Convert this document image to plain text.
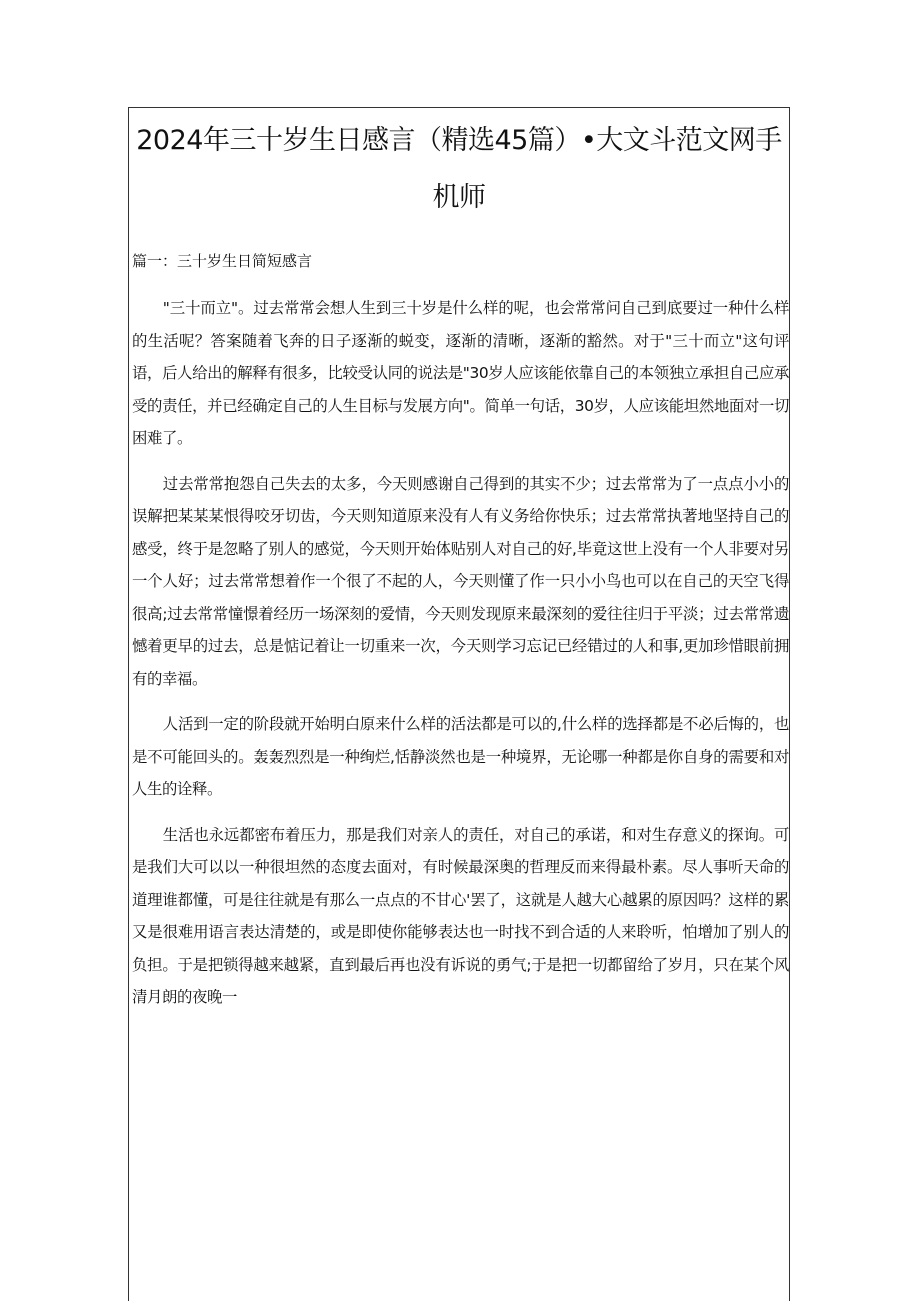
2024年三十岁生日感言（精选45篇）•大文斗范文网手机师
篇一：三十岁生日简短感言

"三十而立"。过去常常会想人生到三十岁是什么样的呢，也会常常问自己到底要过一种什么样的生活呢？答案随着飞奔的日子逐渐的蜕变，逐渐的清晰，逐渐的豁然。对于"三十而立"这句评语，后人给出的解释有很多，比较受认同的说法是"30岁人应该能依靠自己的本领独立承担自己应承受的责任，并已经确定自己的人生目标与发展方向"。简单一句话，30岁，人应该能坦然地面对一切困难了。

过去常常抱怨自己失去的太多，今天则感谢自己得到的其实不少；过去常常为了一点点小小的误解把某某某恨得咬牙切齿，今天则知道原来没有人有义务给你快乐；过去常常执著地坚持自己的感受，终于是忽略了别人的感觉，今天则开始体贴别人对自己的好,毕竟这世上没有一个人非要对另一个人好；过去常常想着作一个很了不起的人，今天则懂了作一只小小鸟也可以在自己的天空飞得很高;过去常常憧憬着经历一场深刻的爱情，今天则发现原来最深刻的爱往往归于平淡；过去常常遗憾着更早的过去，总是惦记着让一切重来一次，今天则学习忘记已经错过的人和事,更加珍惜眼前拥有的幸福。

人活到一定的阶段就开始明白原来什么样的活法都是可以的,什么样的选择都是不必后悔的，也是不可能回头的。轰轰烈烈是一种绚烂,恬静淡然也是一种境界，无论哪一种都是你自身的需要和对人生的诠释。

生活也永远都密布着压力，那是我们对亲人的责任，对自己的承诺，和对生存意义的探询。可是我们大可以以一种很坦然的态度去面对，有时候最深奥的哲理反而来得最朴素。尽人事听天命的道理谁都懂，可是往往就是有那么一点点的不甘心'罢了，这就是人越大心越累的原因吗？这样的累又是很难用语言表达清楚的，或是即使你能够表达也一时找不到合适的人来聆听，怕增加了别人的负担。于是把锁得越来越紧，直到最后再也没有诉说的勇气;于是把一切都留给了岁月，只在某个风清月朗的夜晚一
